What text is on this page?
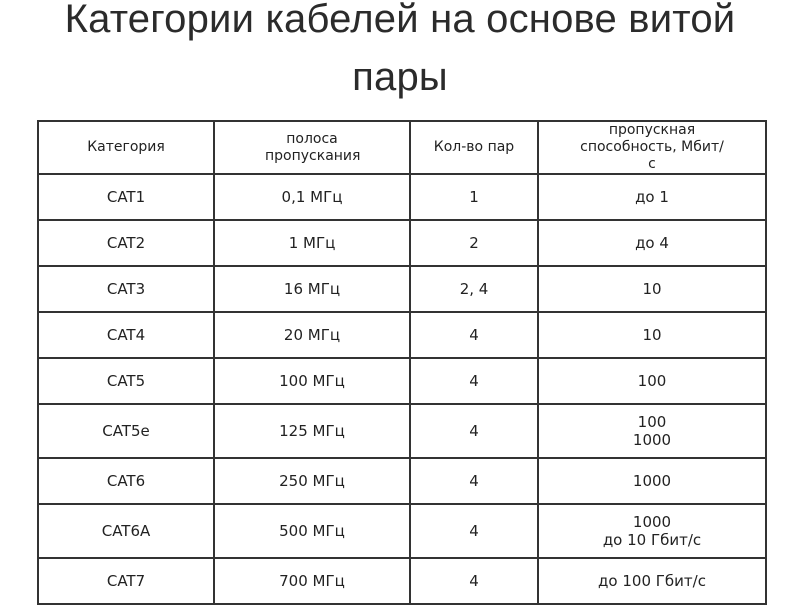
Категории кабелей на основе витой
пары
Категория	полоса пропускания	Кол-во пар	пропускная способность, Мбит/с
CAT1	0,1 МГц	1	до 1
CAT2	1 МГц	2	до 4
CAT3	16 МГц	2, 4	10
CAT4	20 МГц	4	10
CAT5	100 МГц	4	100
CAT5e	125 МГц	4	100
1000

CAT6	250 МГц	4	1000
CAT6A	500 МГц	4	1000
до 10 Гбит/с

CAT7	700 МГц	4	до 100 Гбит/с
